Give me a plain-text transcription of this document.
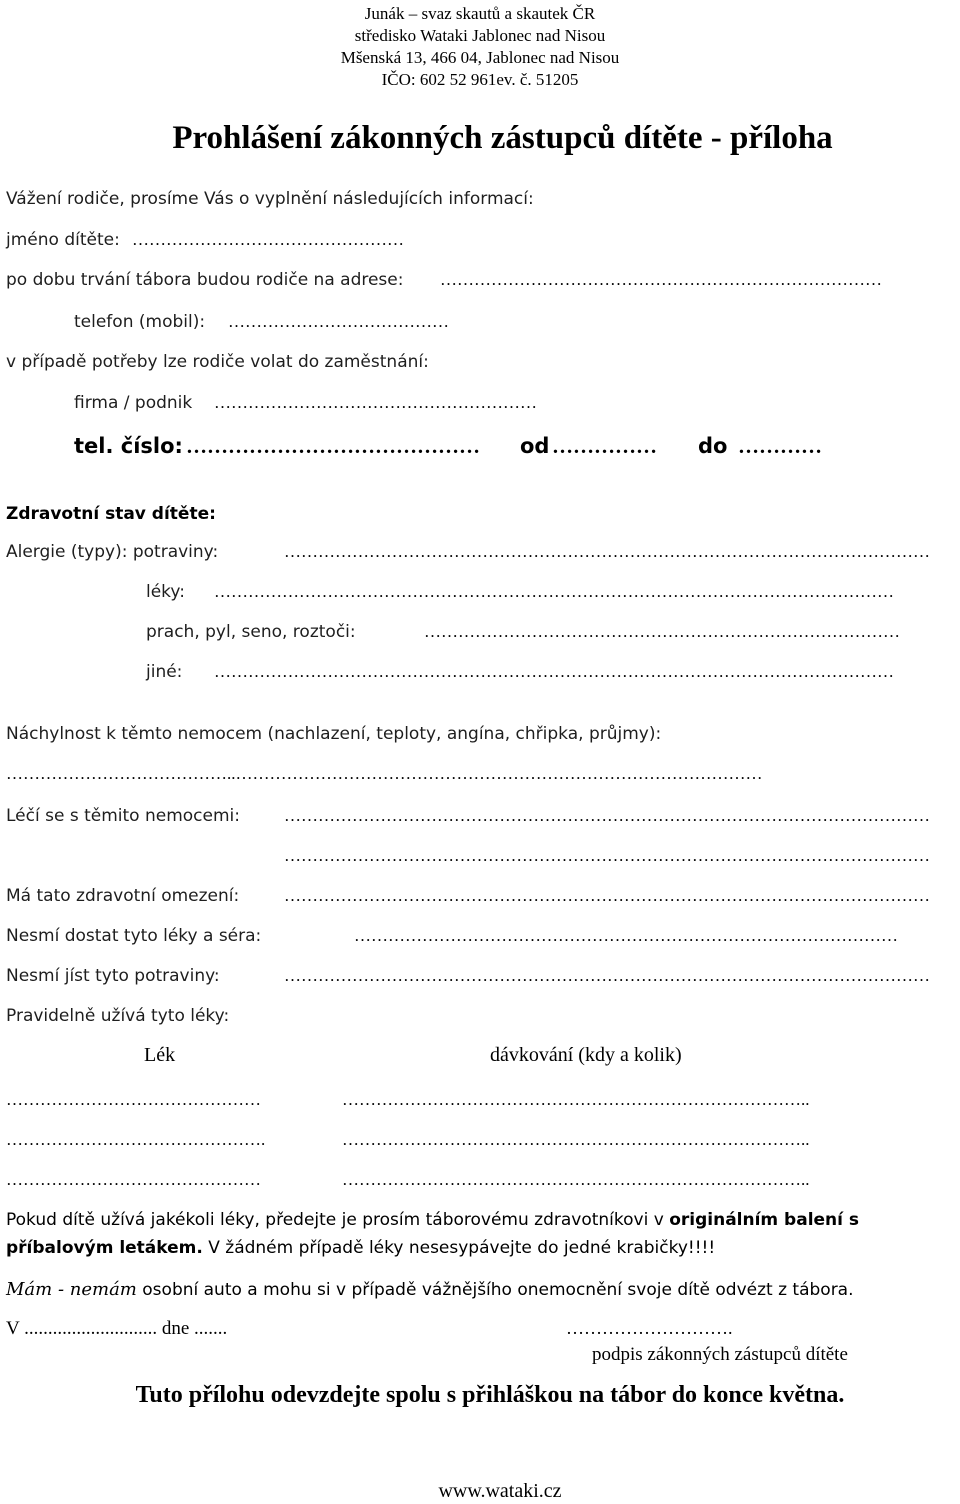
Junák – svaz skautů a skautek ČR
středisko Wataki Jablonec nad Nisou
Mšenská 13, 466 04, Jablonec nad Nisou
IČO: 602 52 961ev. č. 51205
Prohlášení zákonných zástupců dítěte - příloha
Vážení rodiče, prosíme Vás o vyplnění následujících informací:
jméno dítěte: …………………………………………
po dobu trvání tábora budou rodiče na adrese: ……………………………………………………………………
telefon (mobil): …………………………………
v případě potřeby lze rodiče volat do zaměstnání:
firma / podnik …………………………………………………
tel. číslo: ……………………………………	od ……………	do …………
Zdravotní stav dítěte:
Alergie (typy): potraviny:	……………………………………………………………………………………………………
léky: …………………………………………………………………………………………………………
prach, pyl, seno, roztoči:	…………………………………………………………………………
jiné: …………………………………………………………………………………………………………
Náchylnost k těmto nemocem (nachlazení, teploty, angína, chřipka, průjmy):
…………………………………..…………………………………………………………………………………
Léčí se s těmito nemocemi:	……………………………………………………………………………………………………
……………………………………………………………………………………………………
Má tato zdravotní omezení:	……………………………………………………………………………………………………
Nesmí dostat tyto léky a séra:	……………………………………………………………………………………
Nesmí jíst tyto potraviny:	……………………………………………………………………………………………………
Pravidelně užívá tyto léky:
Lék	dávkování (kdy a kolik)
………………………………………	………………………………………………………………………..
……………………………………….	………………………………………………………………………..
………………………………………	………………………………………………………………………..
Pokud dítě užívá jakékoli léky, předejte je prosím táborovému zdravotníkovi v originálním balení s příbalovým letákem. V žádném případě léky nesesypávejte do jedné krabičky!!!!
Mám - nemám osobní auto a mohu si v případě vážnějšího onemocnění svoje dítě odvézt z tábora.
V ............................ dne .......	……………………….
podpis zákonných zástupců dítěte
Tuto přílohu odevzdejte spolu s přihláškou na tábor do konce května.
www.wataki.cz
